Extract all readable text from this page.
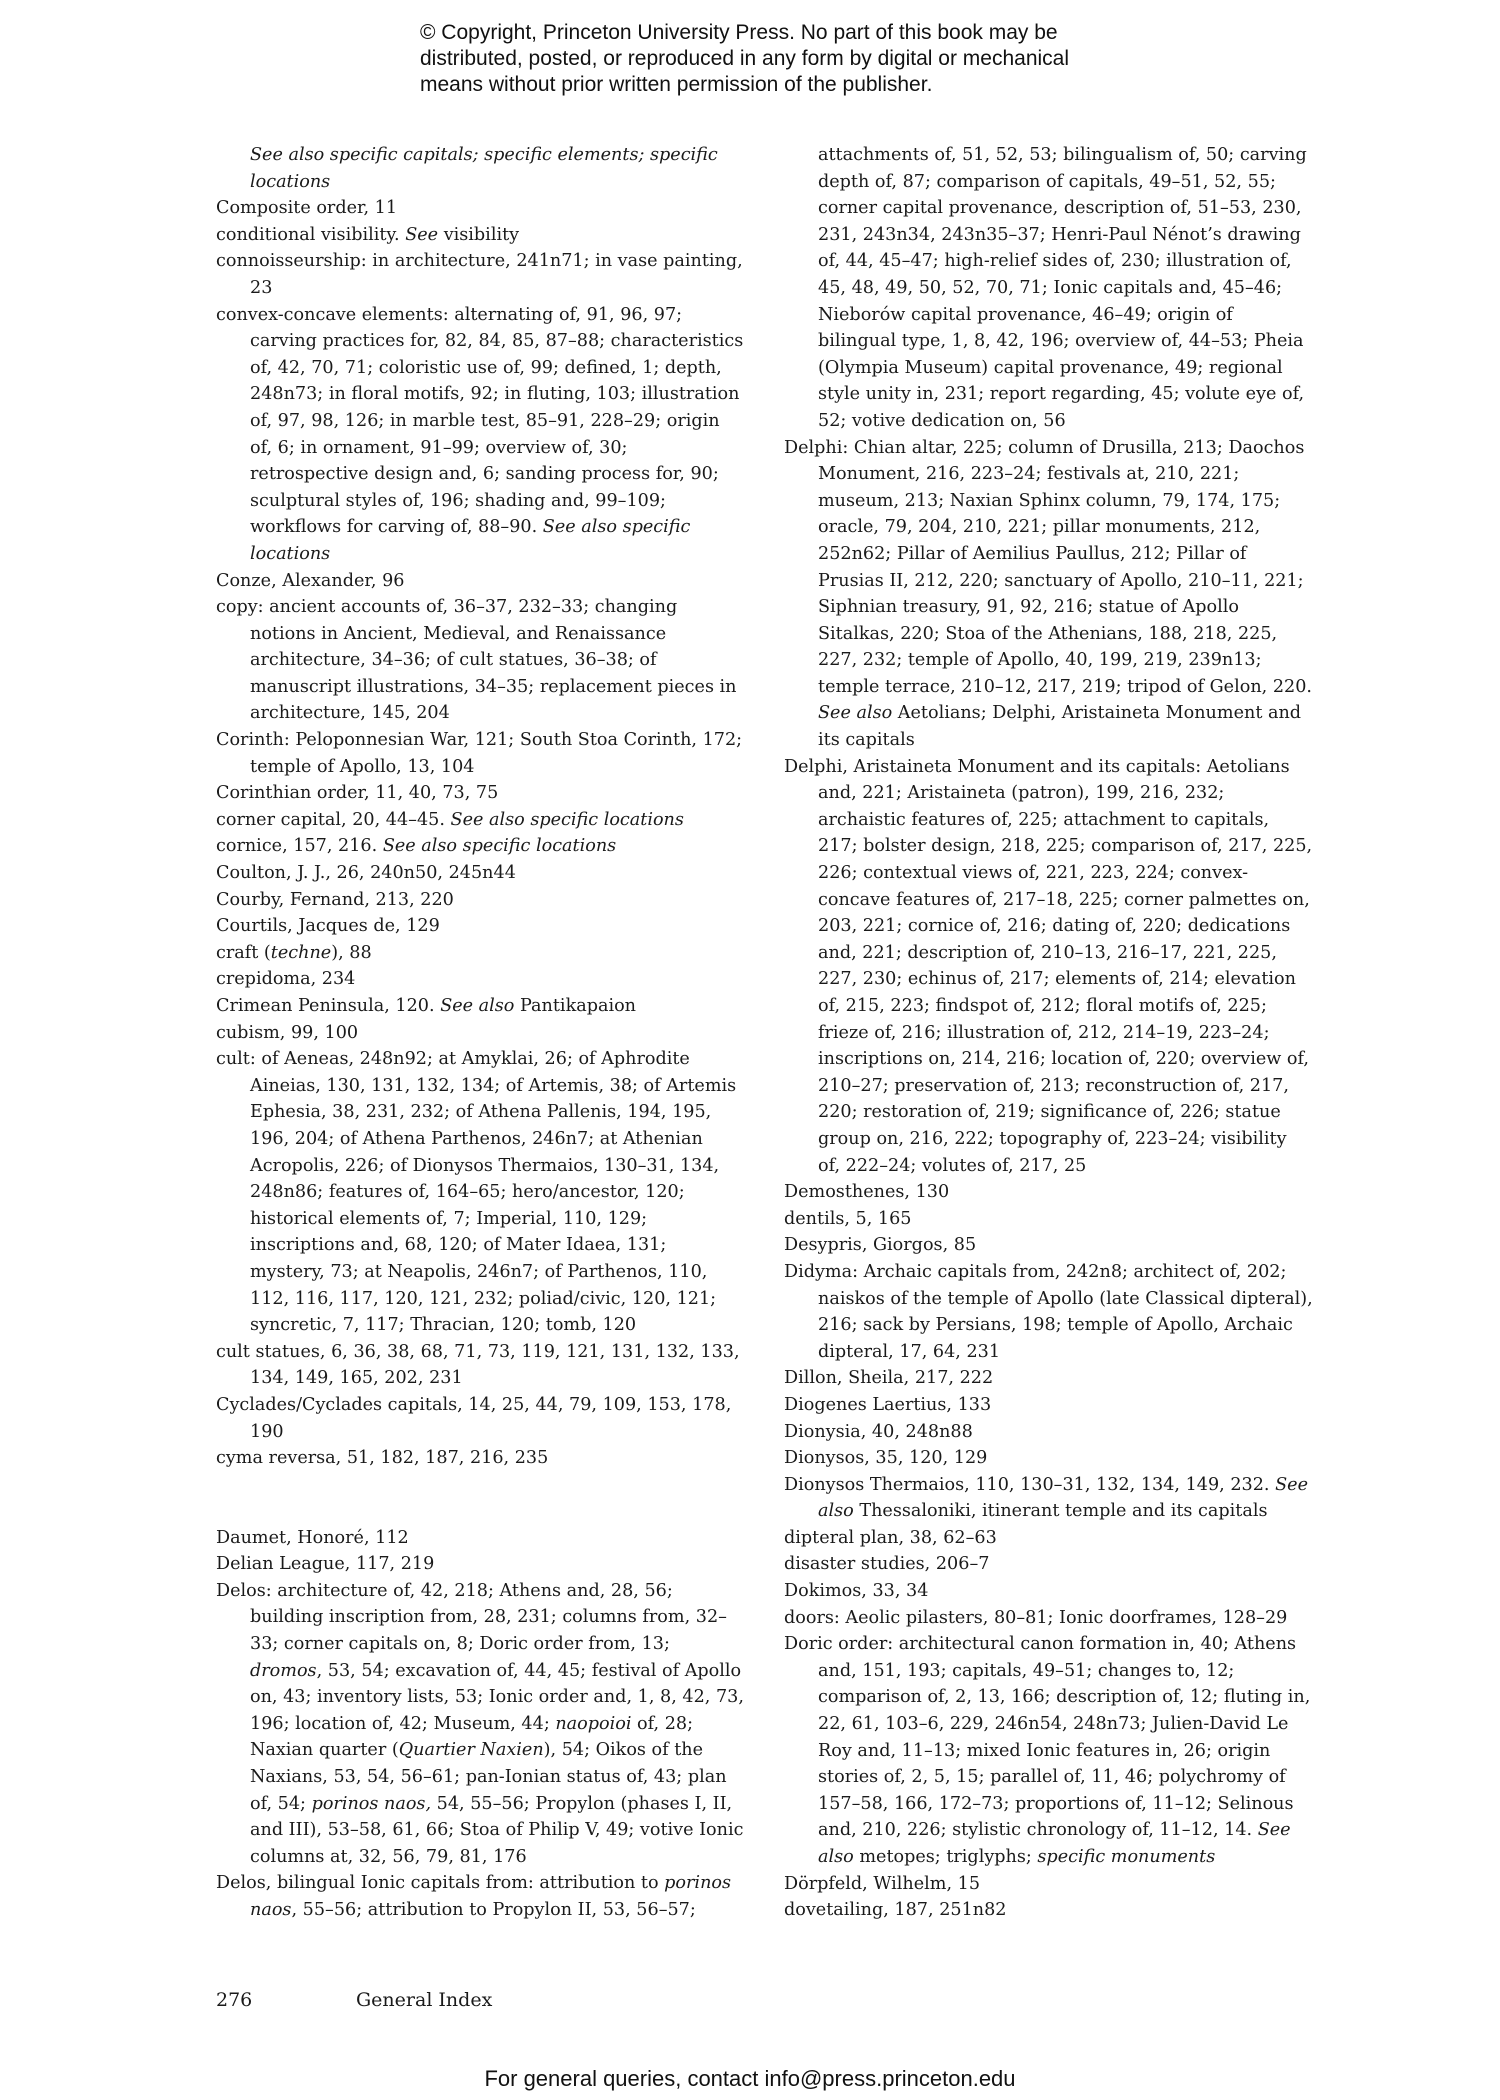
© Copyright, Princeton University Press. No part of this book may be
distributed, posted, or reproduced in any form by digital or mechanical
means without prior written permission of the publisher.

See also specific capitals; specific elements; specific locations

Composite order, 11

conditional visibility. See visibility

connoisseurship: in architecture, 241n71; in vase painting, 23

convex-concave elements: alternating of, 91, 96, 97; carving practices for, 82, 84, 85, 87–88; characteristics of, 42, 70, 71; coloristic use of, 99; defined, 1; depth, 248n73; in floral motifs, 92; in fluting, 103; illustration of, 97, 98, 126; in marble test, 85–91, 228–29; origin of, 6; in ornament, 91–99; overview of, 30; retrospective design and, 6; sanding process for, 90; sculptural styles of, 196; shading and, 99–109; workflows for carving of, 88–90. See also specific locations

Conze, Alexander, 96

copy: ancient accounts of, 36–37, 232–33; changing notions in Ancient, Medieval, and Renaissance architecture, 34–36; of cult statues, 36–38; of manuscript illustrations, 34–35; replacement pieces in architecture, 145, 204

Corinth: Peloponnesian War, 121; South Stoa Corinth, 172; temple of Apollo, 13, 104

Corinthian order, 11, 40, 73, 75

corner capital, 20, 44–45. See also specific locations

cornice, 157, 216. See also specific locations

Coulton, J. J., 26, 240n50, 245n44

Courby, Fernand, 213, 220

Courtils, Jacques de, 129

craft (techne), 88

crepidoma, 234

Crimean Peninsula, 120. See also Pantikapaion

cubism, 99, 100

cult: of Aeneas, 248n92; at Amyklai, 26; of Aphrodite Aineias, 130, 131, 132, 134; of Artemis, 38; of Artemis Ephesia, 38, 231, 232; of Athena Pallenis, 194, 195, 196, 204; of Athena Parthenos, 246n7; at Athenian Acropolis, 226; of Dionysos Thermaios, 130–31, 134, 248n86; features of, 164–65; hero/ancestor, 120; historical elements of, 7; Imperial, 110, 129; inscriptions and, 68, 120; of Mater Idaea, 131; mystery, 73; at Neapolis, 246n7; of Parthenos, 110, 112, 116, 117, 120, 121, 232; poliad/civic, 120, 121; syncretic, 7, 117; Thracian, 120; tomb, 120

cult statues, 6, 36, 38, 68, 71, 73, 119, 121, 131, 132, 133, 134, 149, 165, 202, 231

Cyclades/Cyclades capitals, 14, 25, 44, 79, 109, 153, 178, 190

cyma reversa, 51, 182, 187, 216, 235

Daumet, Honoré, 112

Delian League, 117, 219

Delos: architecture of, 42, 218; Athens and, 28, 56; building inscription from, 28, 231; columns from, 32–33; corner capitals on, 8; Doric order from, 13; dromos, 53, 54; excavation of, 44, 45; festival of Apollo on, 43; inventory lists, 53; Ionic order and, 1, 8, 42, 73, 196; location of, 42; Museum, 44; naopoioi of, 28; Naxian quarter (Quartier Naxien), 54; Oikos of the Naxians, 53, 54, 56–61; pan-Ionian status of, 43; plan of, 54; porinos naos, 54, 55–56; Propylon (phases I, II, and III), 53–58, 61, 66; Stoa of Philip V, 49; votive Ionic columns at, 32, 56, 79, 81, 176

Delos, bilingual Ionic capitals from: attribution to porinos naos, 55–56; attribution to Propylon II, 53, 56–57;

attachments of, 51, 52, 53; bilingualism of, 50; carving depth of, 87; comparison of capitals, 49–51, 52, 55; corner capital provenance, description of, 51–53, 230, 231, 243n34, 243n35–37; Henri-Paul Nénot’s drawing of, 44, 45–47; high-relief sides of, 230; illustration of, 45, 48, 49, 50, 52, 70, 71; Ionic capitals and, 45–46; Nieborów capital provenance, 46–49; origin of bilingual type, 1, 8, 42, 196; overview of, 44–53; Pheia (Olympia Museum) capital provenance, 49; regional style unity in, 231; report regarding, 45; volute eye of, 52; votive dedication on, 56

Delphi: Chian altar, 225; column of Drusilla, 213; Daochos Monument, 216, 223–24; festivals at, 210, 221; museum, 213; Naxian Sphinx column, 79, 174, 175; oracle, 79, 204, 210, 221; pillar monuments, 212, 252n62; Pillar of Aemilius Paullus, 212; Pillar of Prusias II, 212, 220; sanctuary of Apollo, 210–11, 221; Siphnian treasury, 91, 92, 216; statue of Apollo Sitalkas, 220; Stoa of the Athenians, 188, 218, 225, 227, 232; temple of Apollo, 40, 199, 219, 239n13; temple terrace, 210–12, 217, 219; tripod of Gelon, 220. See also Aetolians; Delphi, Aristaineta Monument and its capitals

Delphi, Aristaineta Monument and its capitals: Aetolians and, 221; Aristaineta (patron), 199, 216, 232; archaistic features of, 225; attachment to capitals, 217; bolster design, 218, 225; comparison of, 217, 225, 226; contextual views of, 221, 223, 224; convex-concave features of, 217–18, 225; corner palmettes on, 203, 221; cornice of, 216; dating of, 220; dedications and, 221; description of, 210–13, 216–17, 221, 225, 227, 230; echinus of, 217; elements of, 214; elevation of, 215, 223; findspot of, 212; floral motifs of, 225; frieze of, 216; illustration of, 212, 214–19, 223–24; inscriptions on, 214, 216; location of, 220; overview of, 210–27; preservation of, 213; reconstruction of, 217, 220; restoration of, 219; significance of, 226; statue group on, 216, 222; topography of, 223–24; visibility of, 222–24; volutes of, 217, 25

Demosthenes, 130

dentils, 5, 165

Desypris, Giorgos, 85

Didyma: Archaic capitals from, 242n8; architect of, 202; naiskos of the temple of Apollo (late Classical dipteral), 216; sack by Persians, 198; temple of Apollo, Archaic dipteral, 17, 64, 231

Dillon, Sheila, 217, 222

Diogenes Laertius, 133

Dionysia, 40, 248n88

Dionysos, 35, 120, 129

Dionysos Thermaios, 110, 130–31, 132, 134, 149, 232. See also Thessaloniki, itinerant temple and its capitals

dipteral plan, 38, 62–63

disaster studies, 206–7

Dokimos, 33, 34

doors: Aeolic pilasters, 80–81; Ionic doorframes, 128–29

Doric order: architectural canon formation in, 40; Athens and, 151, 193; capitals, 49–51; changes to, 12; comparison of, 2, 13, 166; description of, 12; fluting in, 22, 61, 103–6, 229, 246n54, 248n73; Julien-David Le Roy and, 11–13; mixed Ionic features in, 26; origin stories of, 2, 5, 15; parallel of, 11, 46; polychromy of 157–58, 166, 172–73; proportions of, 11–12; Selinous and, 210, 226; stylistic chronology of, 11–12, 14. See also metopes; triglyphs; specific monuments

Dörpfeld, Wilhelm, 15

dovetailing, 187, 251n82

276	General Index
For general queries, contact info@press.princeton.edu
